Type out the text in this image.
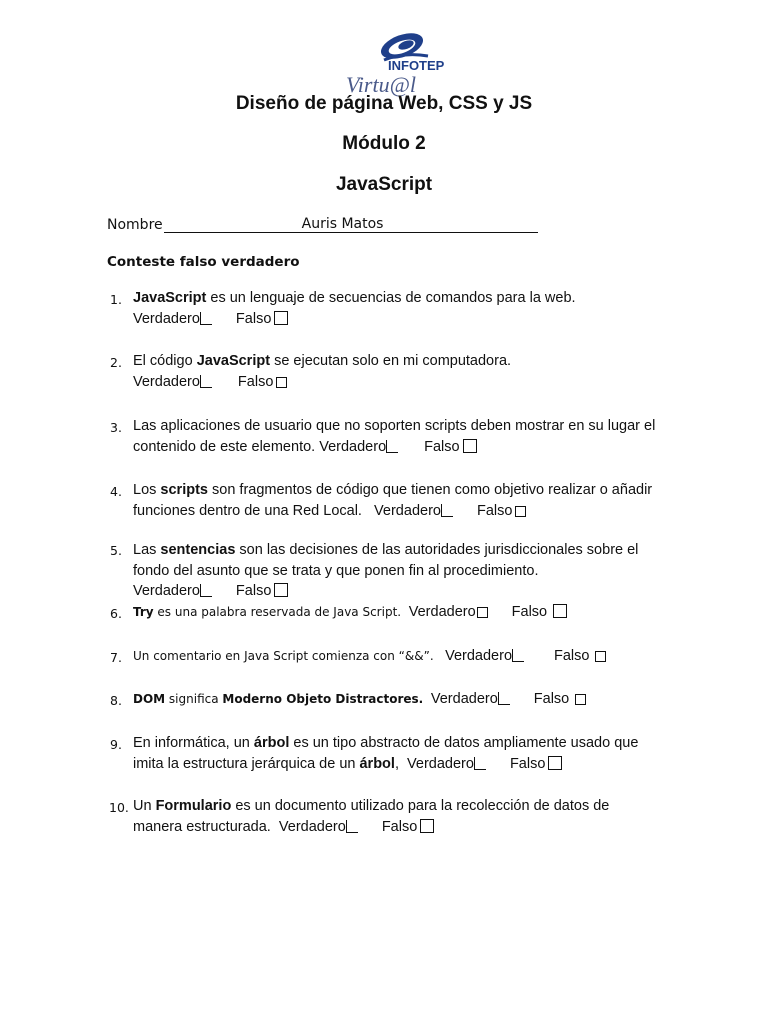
INFOTEP
Virtu@l
Diseño de página Web, CSS y JS
Módulo 2
JavaScript
Nombre	Auris Matos
Conteste falso verdadero
1. JavaScript es un lenguaje de secuencias de comandos para la web.
Verdadero Falso
2. El código JavaScript se ejecutan solo en mi computadora.
Verdadero	Falso
3. Las aplicaciones de usuario que no soporten scripts deben mostrar en su lugar el contenido de este elemento. Verdadero	Falso
4. Los scripts son fragmentos de código que tienen como objetivo realizar o añadir funciones dentro de una Red Local. Verdadero Falso
5. Las sentencias son las decisiones de las autoridades jurisdiccionales sobre el fondo del asunto que se trata y que ponen fin al procedimiento.
Verdadero Falso
6. Try es una palabra reservada de Java Script. Verdadero Falso
7. Un comentario en Java Script comienza con “&&”. Verdadero	Falso
8. DOM significa Moderno Objeto Distractores. Verdadero Falso
9. En informática, un árbol es un tipo abstracto de datos ampliamente usado que imita la estructura jerárquica de un árbol, Verdadero Falso
10. Un Formulario es un documento utilizado para la recolección de datos de manera estructurada. Verdadero Falso
